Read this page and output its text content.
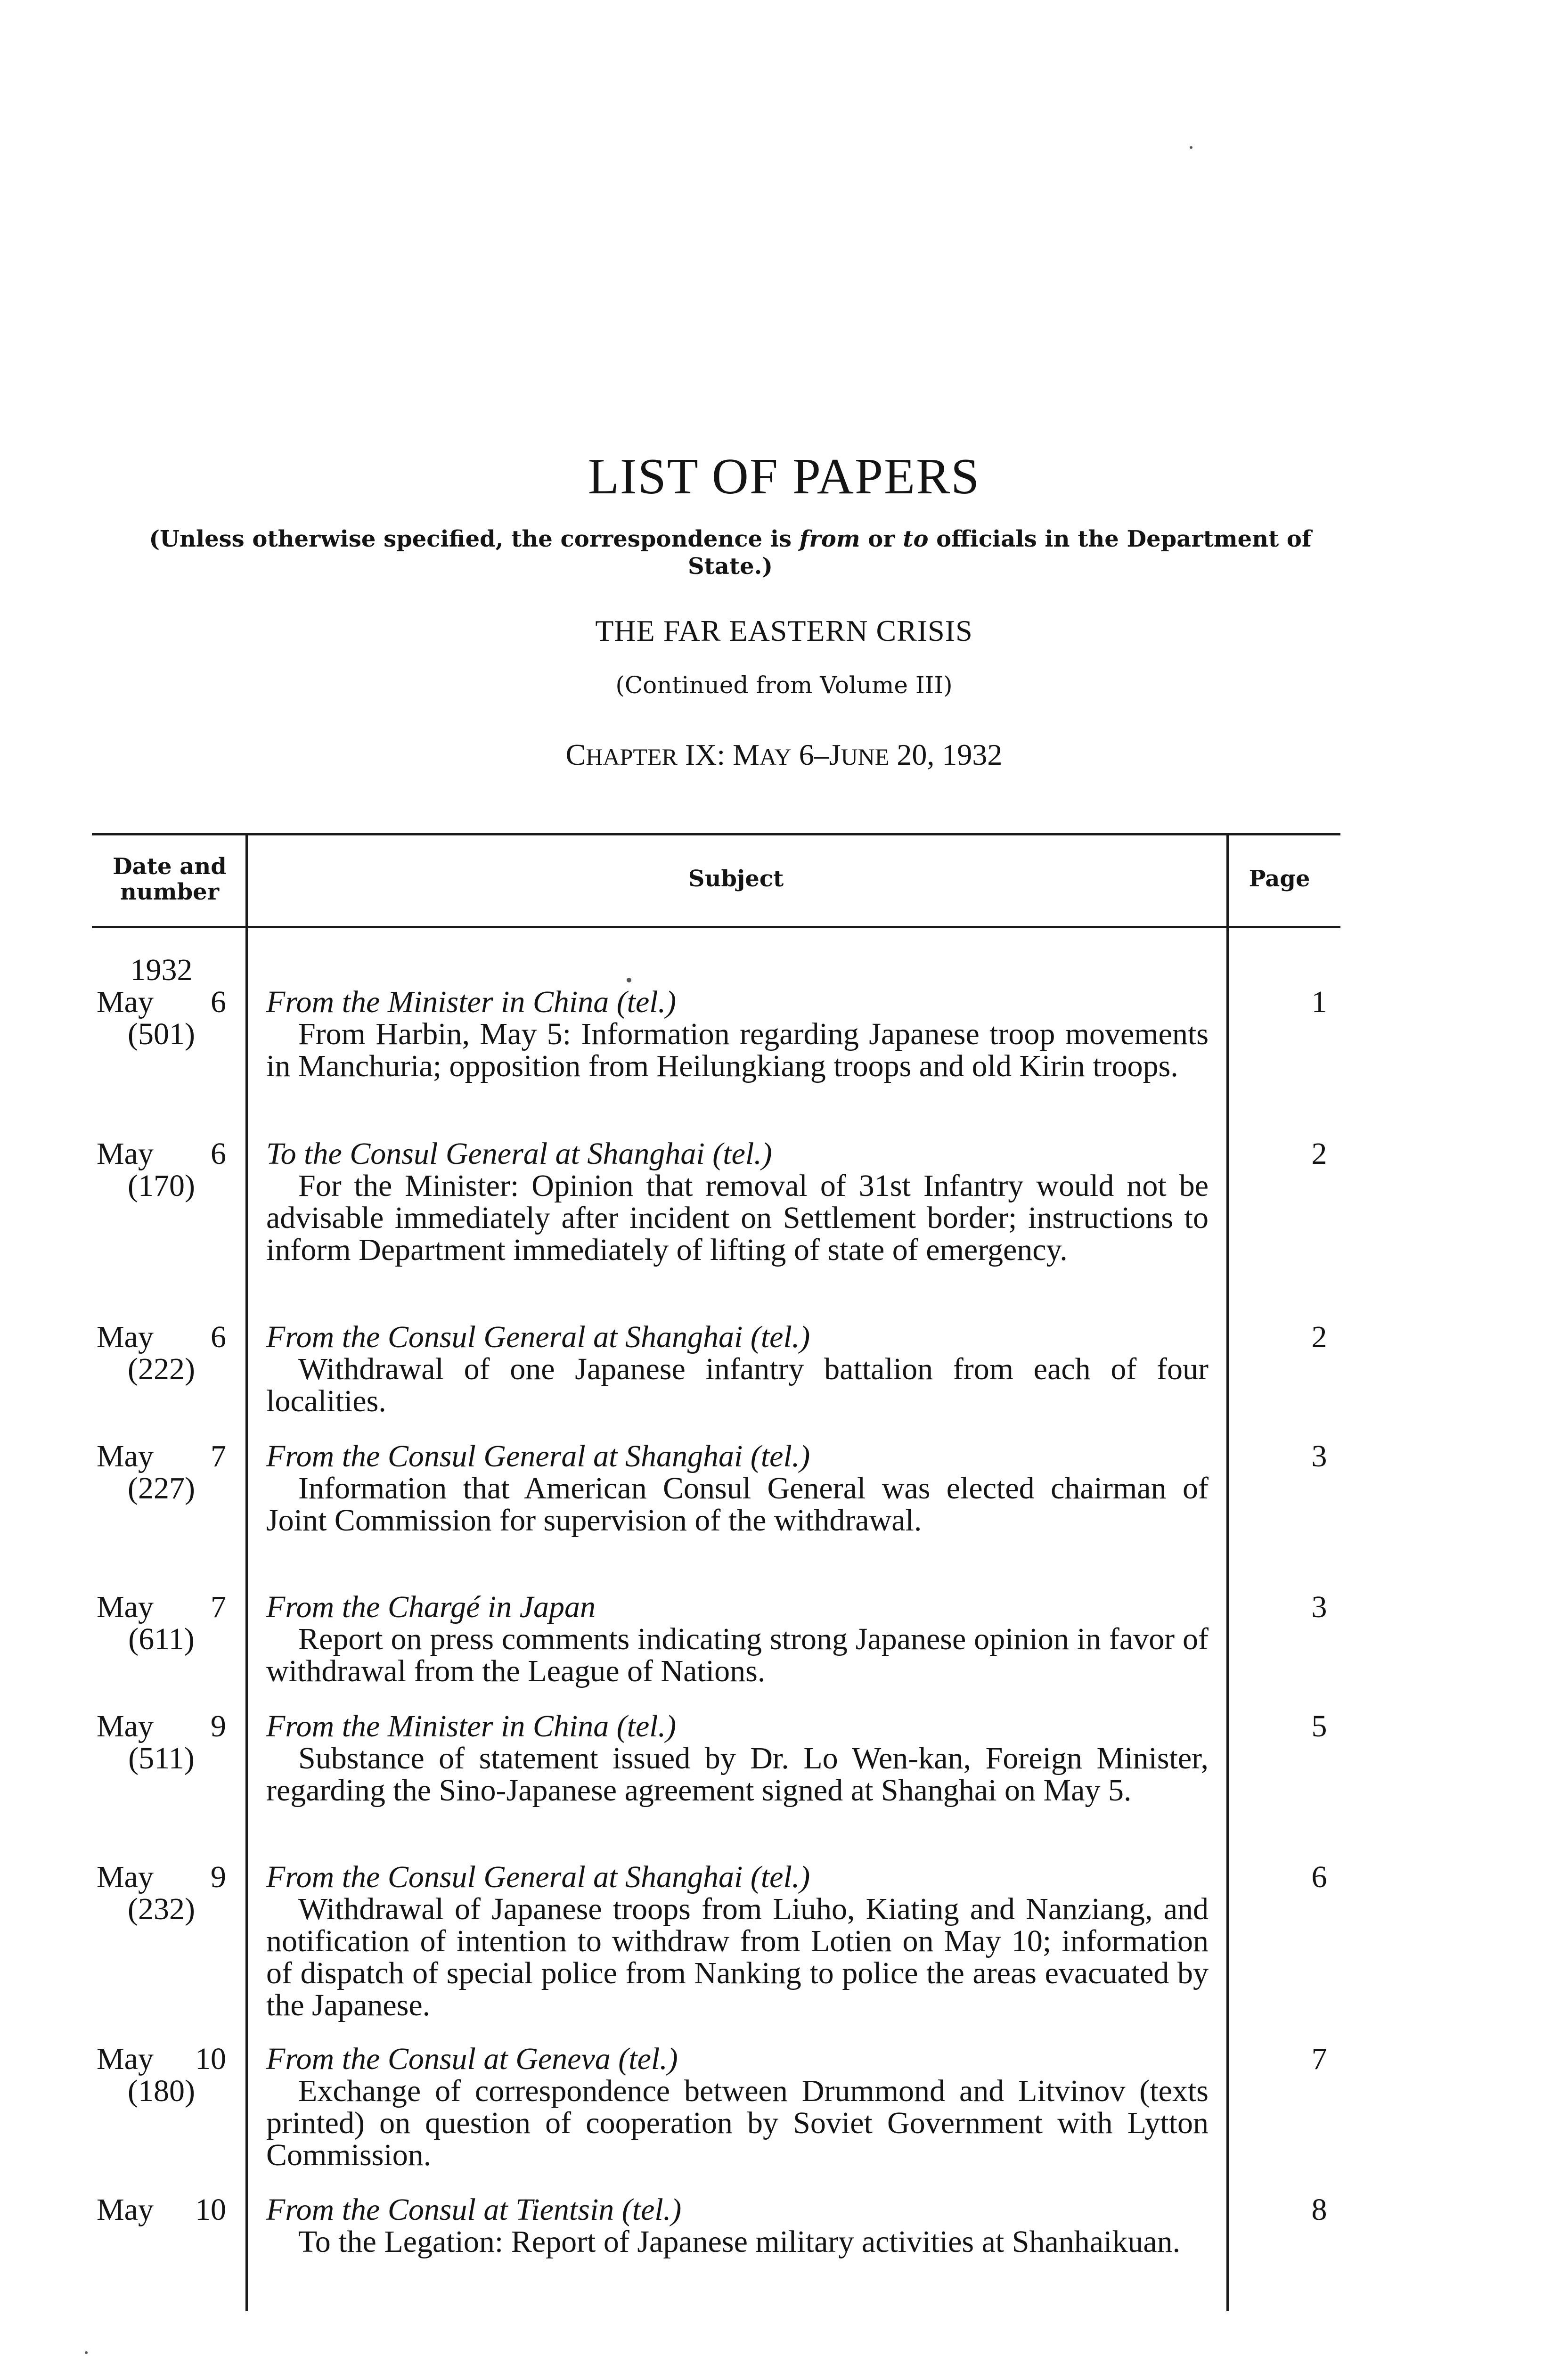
LIST OF PAPERS
(Unless otherwise specified, the correspondence is from or to officials in the Department of State.)
THE FAR EASTERN CRISIS
(Continued from Volume III)
CHAPTER IX: MAY 6–JUNE 20, 1932
Date and number	Subject	Page
1932
May 6
(501)
From the Minister in China (tel.)
From Harbin, May 5: Information regarding Japanese troop movements in Manchuria; opposition from Heilungkiang troops and old Kirin troops.
1
May 6
(170)
To the Consul General at Shanghai (tel.)
For the Minister: Opinion that removal of 31st Infantry would not be advisable immediately after incident on Settlement border; instructions to inform Department immediately of lifting of state of emergency.
2
May 6
(222)
From the Consul General at Shanghai (tel.)
Withdrawal of one Japanese infantry battalion from each of four localities.
2
May 7
(227)
From the Consul General at Shanghai (tel.)
Information that American Consul General was elected chairman of Joint Commission for supervision of the withdrawal.
3
May 7
(611)
From the Chargé in Japan
Report on press comments indicating strong Japanese opinion in favor of withdrawal from the League of Nations.
3
May 9
(511)
From the Minister in China (tel.)
Substance of statement issued by Dr. Lo Wen-kan, Foreign Minister, regarding the Sino-Japanese agreement signed at Shanghai on May 5.
5
May 9
(232)
From the Consul General at Shanghai (tel.)
Withdrawal of Japanese troops from Liuho, Kiating and Nanziang, and notification of intention to withdraw from Lotien on May 10; information of dispatch of special police from Nanking to police the areas evacuated by the Japanese.
6
May 10
(180)
From the Consul at Geneva (tel.)
Exchange of correspondence between Drummond and Litvinov (texts printed) on question of cooperation by Soviet Government with Lytton Commission.
7
May 10 From the Consul at Tientsin (tel.)
To the Legation: Report of Japanese military activities at Shanhaikuan.
8
